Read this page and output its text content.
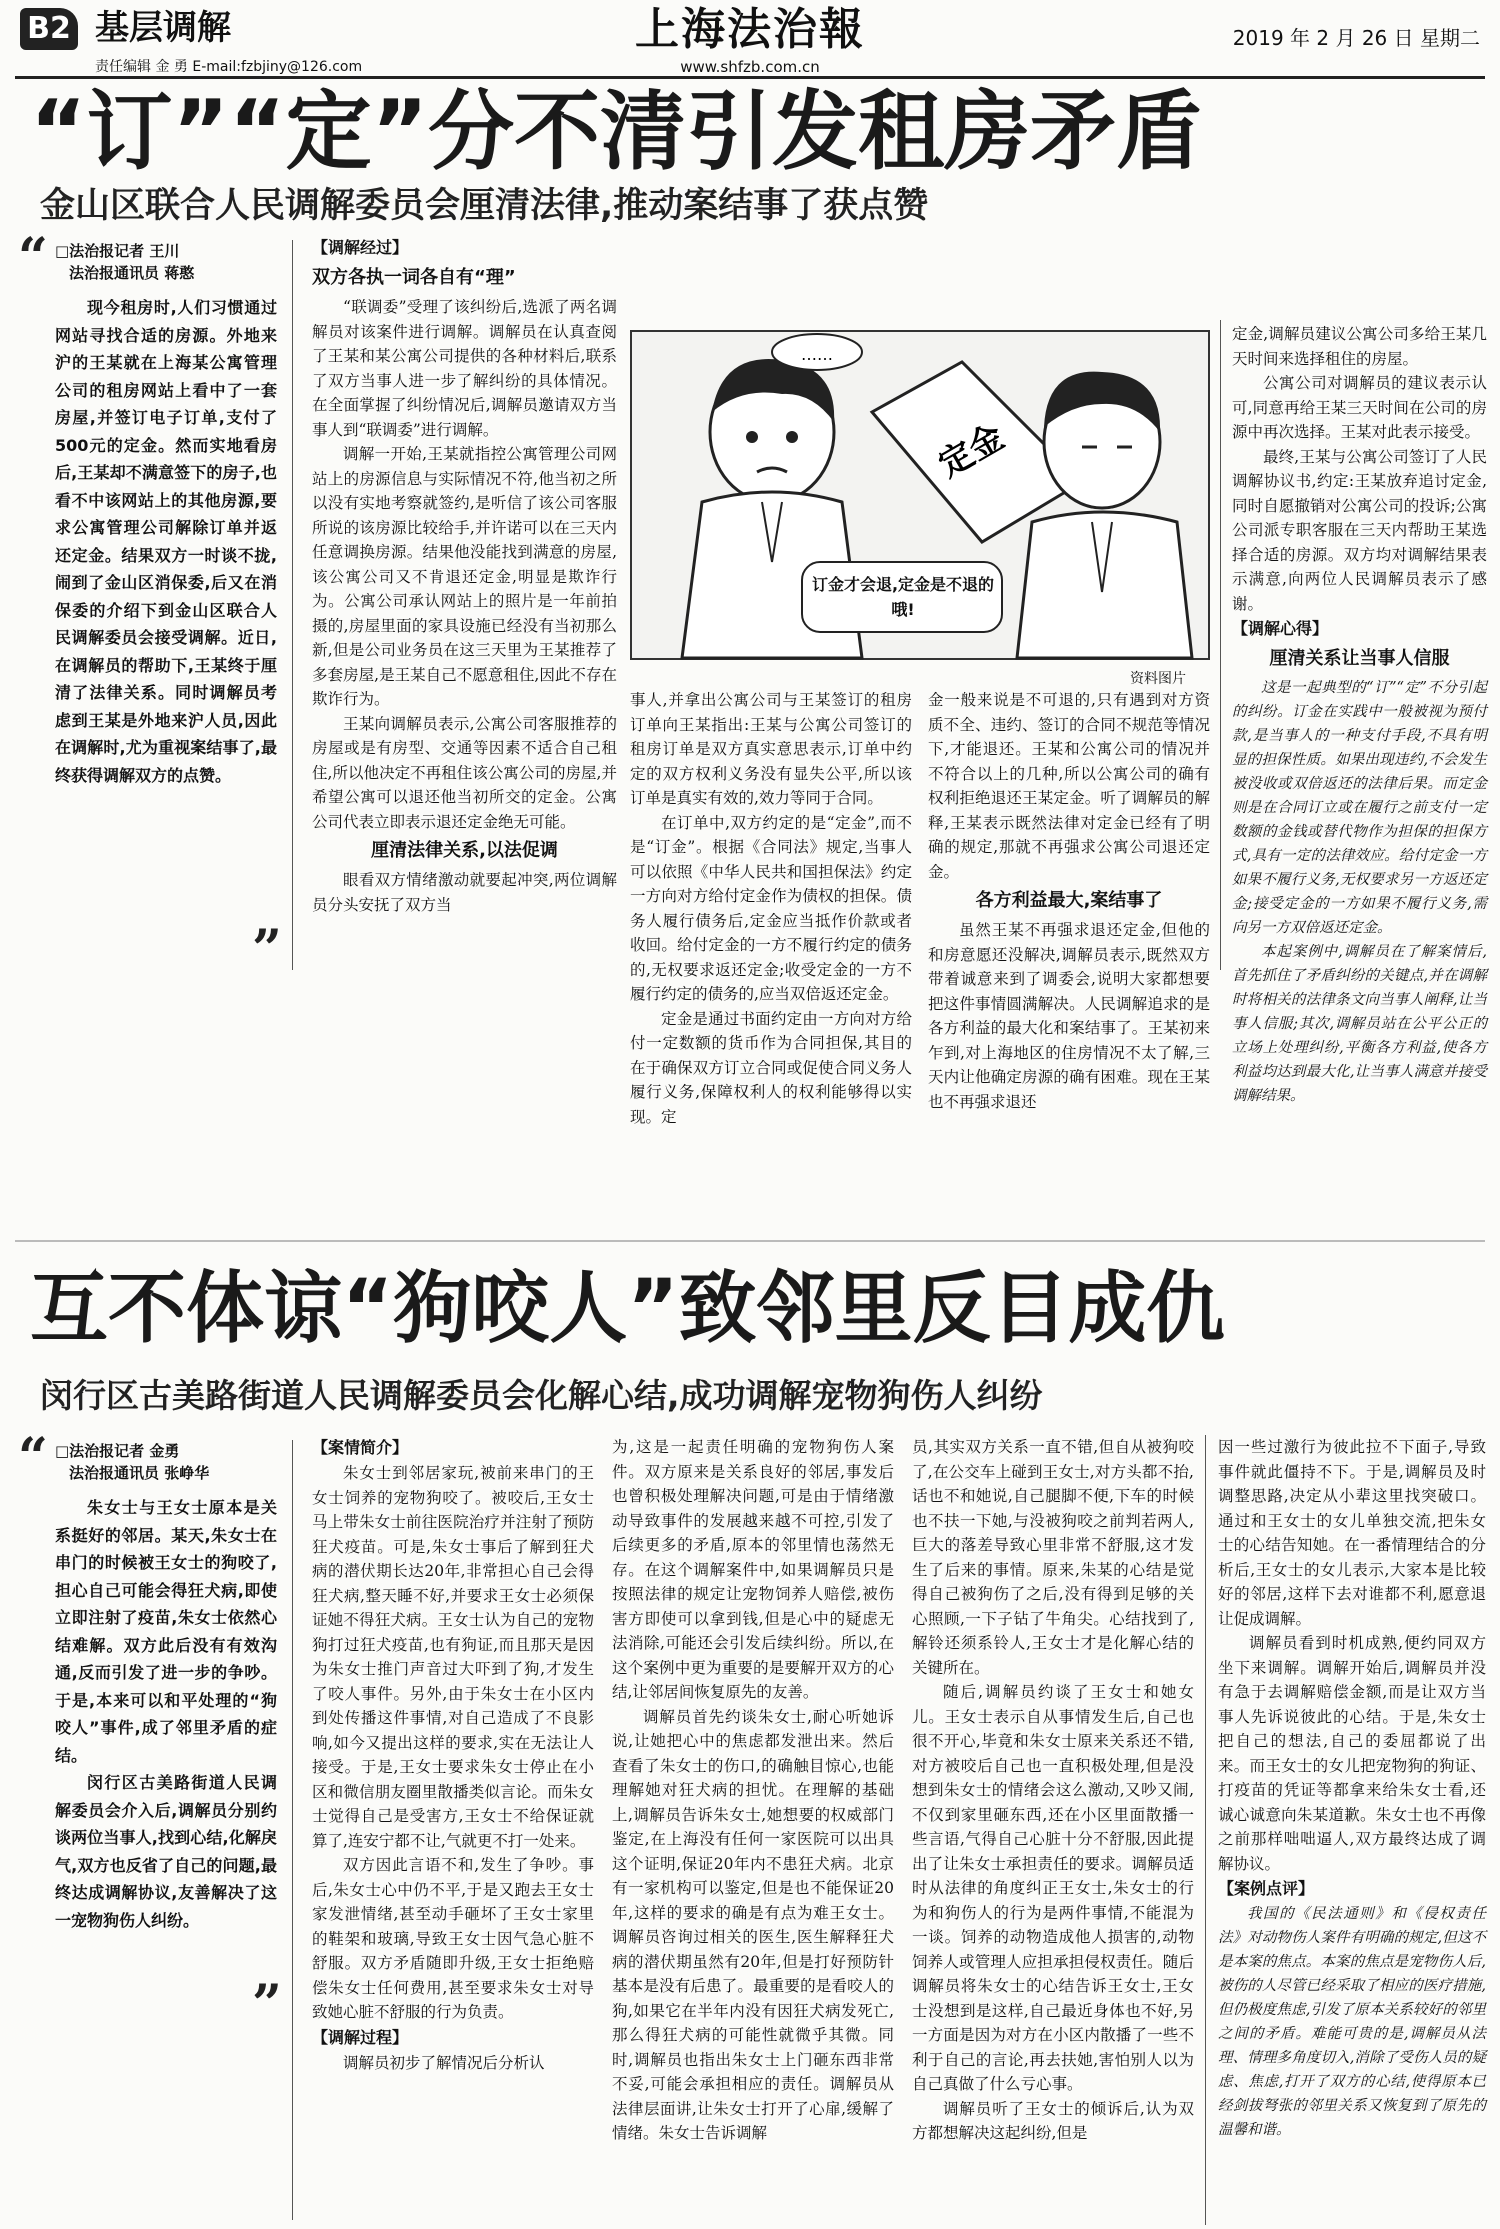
B2 基层调解
责任编辑 金 勇 E-mail:fzbjiny@126.com
上海法治報
www.shfzb.com.cn
2019 年 2 月 26 日 星期二
“订”“定”分不清引发租房矛盾
金山区联合人民调解委员会厘清法律,推动案结事了获点赞
“ □法治报记者 王川
法治报通讯员 蒋憨

现今租房时,人们习惯通过网站寻找合适的房源。外地来沪的王某就在上海某公寓管理公司的租房网站上看中了一套房屋,并签订电子订单,支付了500元的定金。然而实地看房后,王某却不满意签下的房子,也看不中该网站上的其他房源,要求公寓管理公司解除订单并返还定金。结果双方一时谈不拢,闹到了金山区消保委,后又在消保委的介绍下到金山区联合人民调解委员会接受调解。近日,在调解员的帮助下,王某终于厘清了法律关系。同时调解员考虑到王某是外地来沪人员,因此在调解时,尤为重视案结事了,最终获得调解双方的点赞。

”
【调解经过】
双方各执一词各自有“理”

“联调委”受理了该纠纷后,选派了两名调解员对该案件进行调解。调解员在认真查阅了王某和某公寓公司提供的各种材料后,联系了双方当事人进一步了解纠纷的具体情况。在全面掌握了纠纷情况后,调解员邀请双方当事人到“联调委”进行调解。

调解一开始,王某就指控公寓管理公司网站上的房源信息与实际情况不符,他当初之所以没有实地考察就签约,是听信了该公司客服所说的该房源比较给手,并许诺可以在三天内任意调换房源。结果他没能找到满意的房屋,该公寓公司又不肯退还定金,明显是欺诈行为。公寓公司承认网站上的照片是一年前拍摄的,房屋里面的家具设施已经没有当初那么新,但是公司业务员在这三天里为王某推荐了多套房屋,是王某自己不愿意租住,因此不存在欺诈行为。

王某向调解员表示,公寓公司客服推荐的房屋或是有房型、交通等因素不适合自己租住,所以他决定不再租住该公寓公司的房屋,并希望公寓可以退还他当初所交的定金。公寓公司代表立即表示退还定金绝无可能。

厘清法律关系,以法促调

眼看双方情绪激动就要起冲突,两位调解员分头安抚了双方当

……
定金
订金才会退,定金是不退的哦!
资料图片

事人,并拿出公寓公司与王某签订的租房订单向王某指出:王某与公寓公司签订的租房订单是双方真实意思表示,订单中约定的双方权利义务没有显失公平,所以该订单是真实有效的,效力等同于合同。

在订单中,双方约定的是“定金”,而不是“订金”。根据《合同法》规定,当事人可以依照《中华人民共和国担保法》约定一方向对方给付定金作为债权的担保。债务人履行债务后,定金应当抵作价款或者收回。给付定金的一方不履行约定的债务的,无权要求返还定金;收受定金的一方不履行约定的债务的,应当双倍返还定金。

定金是通过书面约定由一方向对方给付一定数额的货币作为合同担保,其目的在于确保双方订立合同或促使合同义务人履行义务,保障权利人的权利能够得以实现。定

金一般来说是不可退的,只有遇到对方资质不全、违约、签订的合同不规范等情况下,才能退还。王某和公寓公司的情况并不符合以上的几种,所以公寓公司的确有权利拒绝退还王某定金。听了调解员的解释,王某表示既然法律对定金已经有了明确的规定,那就不再强求公寓公司退还定金。

各方利益最大,案结事了

虽然王某不再强求退还定金,但他的和房意愿还没解决,调解员表示,既然双方带着诚意来到了调委会,说明大家都想要把这件事情圆满解决。人民调解追求的是各方利益的最大化和案结事了。王某初来乍到,对上海地区的住房情况不太了解,三天内让他确定房源的确有困难。现在王某也不再强求退还

定金,调解员建议公寓公司多给王某几天时间来选择租住的房屋。

公寓公司对调解员的建议表示认可,同意再给王某三天时间在公司的房源中再次选择。王某对此表示接受。

最终,王某与公寓公司签订了人民调解协议书,约定:王某放弃追讨定金,同时自愿撤销对公寓公司的投诉;公寓公司派专职客服在三天内帮助王某选择合适的房源。双方均对调解结果表示满意,向两位人民调解员表示了感谢。

【调解心得】
厘清关系让当事人信服

这是一起典型的“订”“定”不分引起的纠纷。订金在实践中一般被视为预付款,是当事人的一种支付手段,不具有明显的担保性质。如果出现违约,不会发生被没收或双倍返还的法律后果。而定金则是在合同订立或在履行之前支付一定数额的金钱或替代物作为担保的担保方式,具有一定的法律效应。给付定金一方如果不履行义务,无权要求另一方返还定金;接受定金的一方如果不履行义务,需向另一方双倍返还定金。

本起案例中,调解员在了解案情后,首先抓住了矛盾纠纷的关键点,并在调解时将相关的法律条文向当事人阐释,让当事人信服;其次,调解员站在公平公正的立场上处理纠纷,平衡各方利益,使各方利益均达到最大化,让当事人满意并接受调解结果。

互不体谅“狗咬人”致邻里反目成仇
闵行区古美路街道人民调解委员会化解心结,成功调解宠物狗伤人纠纷
“ □法治报记者 金勇
法治报通讯员 张峥华

朱女士与王女士原本是关系挺好的邻居。某天,朱女士在串门的时候被王女士的狗咬了,担心自己可能会得狂犬病,即使立即注射了疫苗,朱女士依然心结难解。双方此后没有有效沟通,反而引发了进一步的争吵。于是,本来可以和平处理的“狗咬人”事件,成了邻里矛盾的症结。

闵行区古美路街道人民调解委员会介入后,调解员分别约谈两位当事人,找到心结,化解戾气,双方也反省了自己的问题,最终达成调解协议,友善解决了这一宠物狗伤人纠纷。

”
【案情简介】

朱女士到邻居家玩,被前来串门的王女士饲养的宠物狗咬了。被咬后,王女士马上带朱女士前往医院治疗并注射了预防狂犬疫苗。可是,朱女士事后了解到狂犬病的潜伏期长达20年,非常担心自己会得狂犬病,整天睡不好,并要求王女士必须保证她不得狂犬病。王女士认为自己的宠物狗打过狂犬疫苗,也有狗证,而且那天是因为朱女士推门声音过大吓到了狗,才发生了咬人事件。另外,由于朱女士在小区内到处传播这件事情,对自己造成了不良影响,如今又提出这样的要求,实在无法让人接受。于是,王女士要求朱女士停止在小区和微信朋友圈里散播类似言论。而朱女士觉得自己是受害方,王女士不给保证就算了,连安宁都不让,气就更不打一处来。

双方因此言语不和,发生了争吵。事后,朱女士心中仍不平,于是又跑去王女士家发泄情绪,甚至动手砸坏了王女士家里的鞋架和玻璃,导致王女士因气急心脏不舒服。双方矛盾随即升级,王女士拒绝赔偿朱女士任何费用,甚至要求朱女士对导致她心脏不舒服的行为负责。

【调解过程】

调解员初步了解情况后分析认

为,这是一起责任明确的宠物狗伤人案件。双方原来是关系良好的邻居,事发后也曾积极处理解决问题,可是由于情绪激动导致事件的发展越来越不可控,引发了后续更多的矛盾,原本的邻里情也荡然无存。在这个调解案件中,如果调解员只是按照法律的规定让宠物饲养人赔偿,被伤害方即使可以拿到钱,但是心中的疑虑无法消除,可能还会引发后续纠纷。所以,在这个案例中更为重要的是要解开双方的心结,让邻居间恢复原先的友善。

调解员首先约谈朱女士,耐心听她诉说,让她把心中的焦虑都发泄出来。然后查看了朱女士的伤口,的确触目惊心,也能理解她对狂犬病的担忧。在理解的基础上,调解员告诉朱女士,她想要的权威部门鉴定,在上海没有任何一家医院可以出具这个证明,保证20年内不患狂犬病。北京有一家机构可以鉴定,但是也不能保证20年,这样的要求的确是有点为难王女士。调解员咨询过相关的医生,医生解释狂犬病的潜伏期虽然有20年,但是打好预防针基本是没有后患了。最重要的是看咬人的狗,如果它在半年内没有因狂犬病发死亡,那么得狂犬病的可能性就微乎其微。同时,调解员也指出朱女士上门砸东西非常不妥,可能会承担相应的责任。调解员从法律层面讲,让朱女士打开了心扉,缓解了情绪。朱女士告诉调解

员,其实双方关系一直不错,但自从被狗咬了,在公交车上碰到王女士,对方头都不抬,话也不和她说,自己腿脚不便,下车的时候也不扶一下她,与没被狗咬之前判若两人,巨大的落差导致心里非常不舒服,这才发生了后来的事情。原来,朱某的心结是觉得自己被狗伤了之后,没有得到足够的关心照顾,一下子钻了牛角尖。心结找到了,解铃还须系铃人,王女士才是化解心结的关键所在。

随后,调解员约谈了王女士和她女儿。王女士表示自从事情发生后,自己也很不开心,毕竟和朱女士原来关系还不错,对方被咬后自己也一直积极处理,但是没想到朱女士的情绪会这么激动,又吵又闹,不仅到家里砸东西,还在小区里面散播一些言语,气得自己心脏十分不舒服,因此提出了让朱女士承担责任的要求。调解员适时从法律的角度纠正王女士,朱女士的行为和狗伤人的行为是两件事情,不能混为一谈。饲养的动物造成他人损害的,动物饲养人或管理人应担承担侵权责任。随后调解员将朱女士的心结告诉王女士,王女士没想到是这样,自己最近身体也不好,另一方面是因为对方在小区内散播了一些不利于自己的言论,再去扶她,害怕别人以为自己真做了什么亏心事。

调解员听了王女士的倾诉后,认为双方都想解决这起纠纷,但是

因一些过激行为彼此拉不下面子,导致事件就此僵持不下。于是,调解员及时调整思路,决定从小辈这里找突破口。通过和王女士的女儿单独交流,把朱女士的心结告知她。在一番情理结合的分析后,王女士的女儿表示,大家本是比较好的邻居,这样下去对谁都不利,愿意退让促成调解。

调解员看到时机成熟,便约同双方坐下来调解。调解开始后,调解员并没有急于去调解赔偿金额,而是让双方当事人先诉说彼此的心结。于是,朱女士把自己的想法,自己的委屈都说了出来。而王女士的女儿把宠物狗的狗证、打疫苗的凭证等都拿来给朱女士看,还诚心诚意向朱某道歉。朱女士也不再像之前那样咄咄逼人,双方最终达成了调解协议。

【案例点评】

我国的《民法通则》和《侵权责任法》对动物伤人案件有明确的规定,但这不是本案的焦点。本案的焦点是宠物伤人后,被伤的人尽管已经采取了相应的医疗措施,但仍极度焦虑,引发了原本关系较好的邻里之间的矛盾。难能可贵的是,调解员从法理、情理多角度切入,消除了受伤人员的疑虑、焦虑,打开了双方的心结,使得原本已经剑拔弩张的邻里关系又恢复到了原先的温馨和谐。
